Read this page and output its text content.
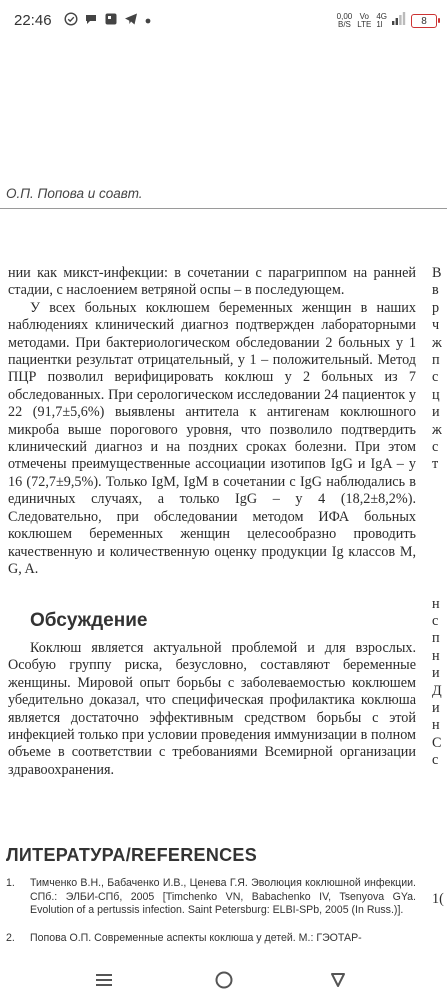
22:46	0,00
B/S
Vo
LTE
4G
1l	8
О.П. Попова и соавт.

нии как микст-инфекции: в сочетании с парагриппом на ранней стадии, с наслоением ветряной оспы – в последующем.

У всех больных коклюшем беременных женщин в наших наблюдениях клинический диагноз подтвержден лабораторными методами. При бактериологическом обследовании 2 больных у 1 пациентки результат отрицательный, у 1 – положительный. Метод ПЦР позволил верифицировать коклюш у 2 больных из 7 обследованных. При серологическом исследовании 24 пациенток у 22 (91,7±5,6%) выявлены антитела к антигенам коклюшного микроба выше порогового уровня, что позволило подтвердить клинический диагноз и на поздних сроках болезни. При этом отмечены преимущественные ассоциации изотипов IgG и IgA – у 16 (72,7±9,5%). Только IgM, IgM в сочетании с IgG наблюдались в единичных случаях, а только IgG – у 4 (18,2±8,2%). Следовательно, при обследовании методом ИФА больных коклюшем беременных женщин целесообразно проводить качественную и количественную оценку продукции Ig классов M, G, A.

Обсуждение

Коклюш является актуальной проблемой и для взрослых. Особую группу риска, безусловно, составляют беременные женщины. Мировой опыт борьбы с заболеваемостью коклюшем убедительно доказал, что специфическая профилактика коклюша является достаточно эффективным средством борьбы с этой инфекцией только при условии проведения иммунизации в полном объеме в соответствии с требованиями Всемирной организации здравоохранения.

ЛИТЕРАТУРА/REFERENCES
1.	Тимченко В.Н., Бабаченко И.В., Ценева Г.Я. Эволюция коклюшной инфекции. СПб.: ЭЛБИ-СПб, 2005 [Timchenko VN, Babachenko IV, Tsenyova GYa. Evolution of a pertussis infection. Saint Petersburg: ELBI-SPb, 2005 (In Russ.)].
2.	Попова О.П. Современные аспекты коклюша у детей. М.: ГЭОТАР-
В
в
р
ч
ж
п
с
ц
и
ж
с
т
н
с
п
н
и
Д
и
н
С
с
1(
